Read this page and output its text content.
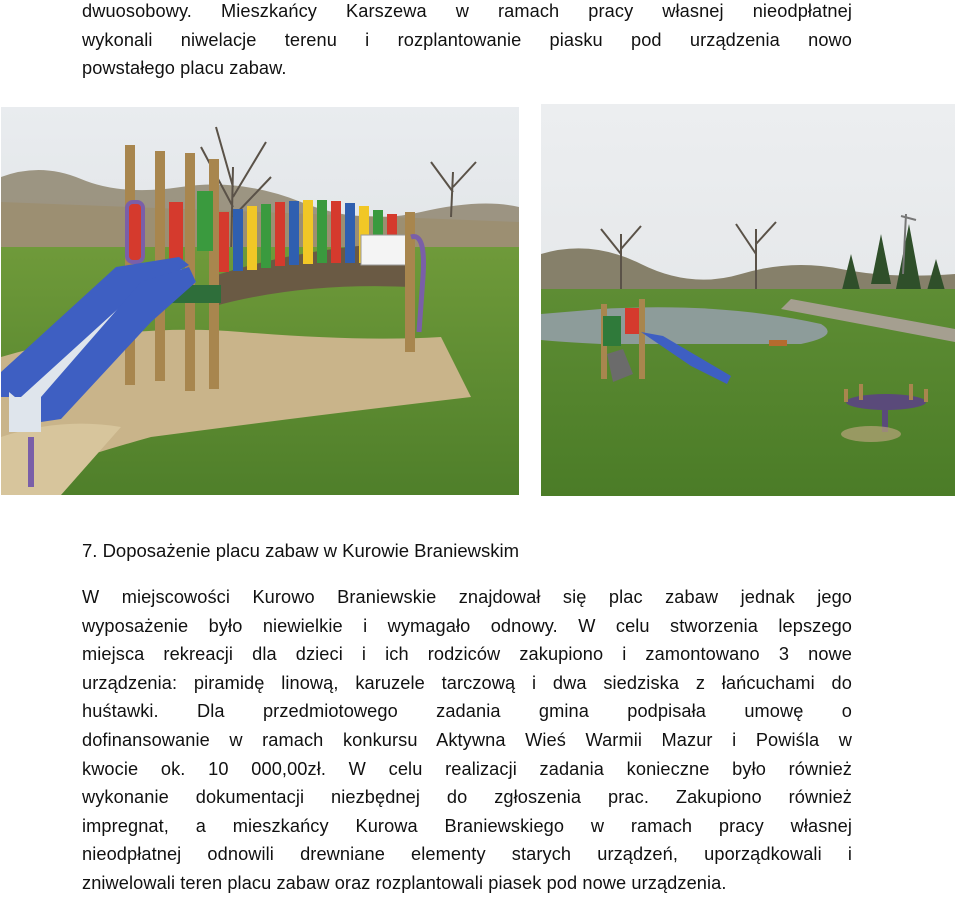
dwuosobowy. Mieszkańcy Karszewa w ramach pracy własnej nieodpłatnej
wykonali niwelacje terenu i rozplantowanie piasku pod urządzenia nowo
powstałego placu zabaw.
7. Doposażenie placu zabaw w Kurowie Braniewskim
W miejscowości Kurowo Braniewskie znajdował się plac zabaw jednak jego
wyposażenie było niewielkie i wymagało odnowy. W celu stworzenia lepszego
miejsca rekreacji dla dzieci i ich rodziców zakupiono i zamontowano 3 nowe
urządzenia: piramidę linową, karuzele tarczową i dwa siedziska z łańcuchami do
huśtawki. Dla przedmiotowego zadania gmina podpisała umowę o
dofinansowanie w ramach konkursu Aktywna Wieś Warmii Mazur i Powiśla w
kwocie ok. 10 000,00zł. W celu realizacji zadania konieczne było również
wykonanie dokumentacji niezbędnej do zgłoszenia prac. Zakupiono również
impregnat, a mieszkańcy Kurowa Braniewskiego w ramach pracy własnej
nieodpłatnej odnowili drewniane elementy starych urządzeń, uporządkowali i
zniwelowali teren placu zabaw oraz rozplantowali piasek pod nowe urządzenia.
